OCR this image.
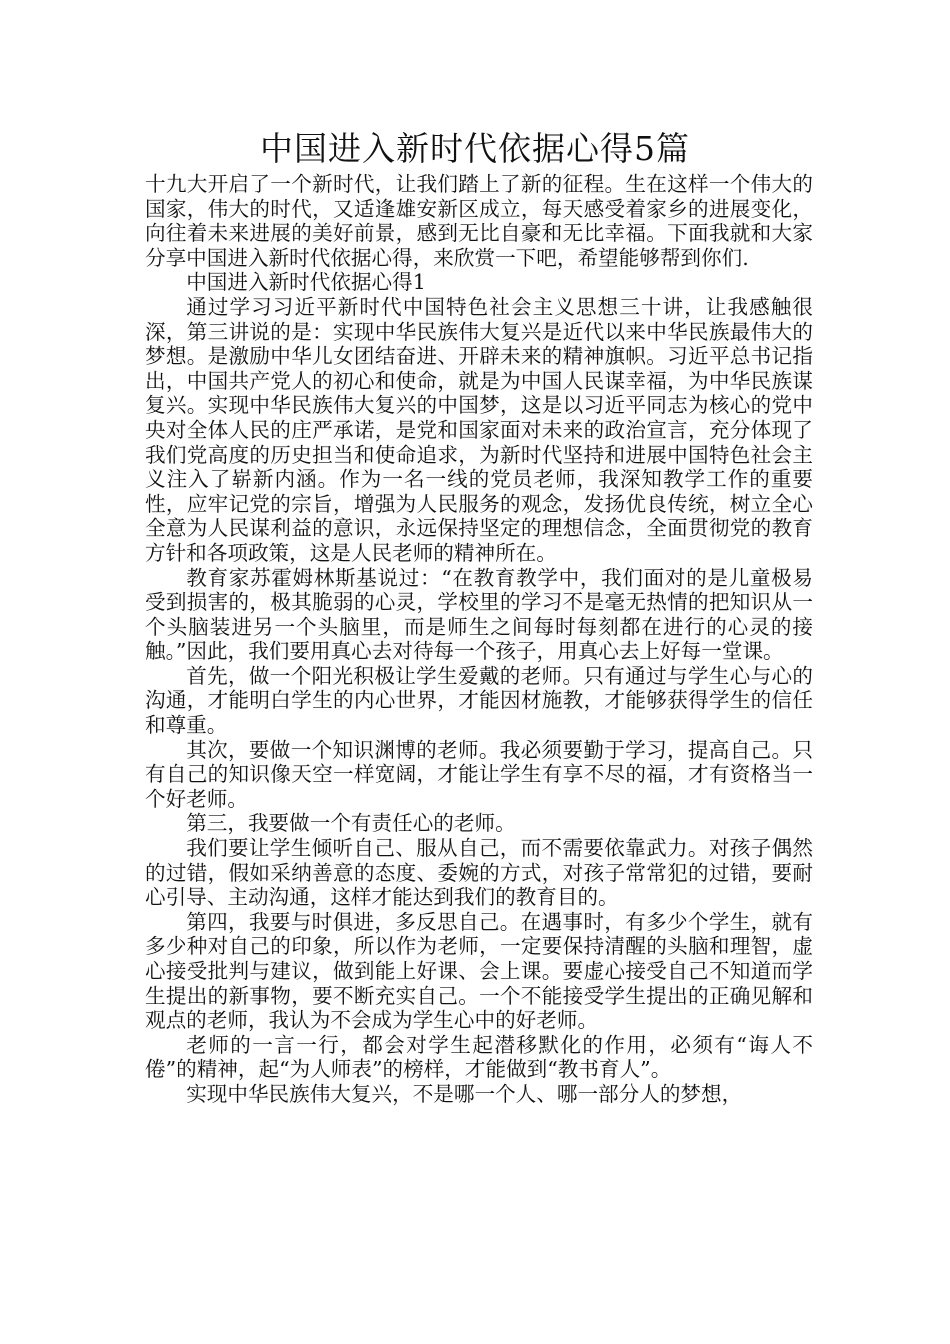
中国进入新时代依据心得5篇

十九大开启了一个新时代，让我们踏上了新的征程。生在这样一个伟大的国家，伟大的时代，又适逢雄安新区成立，每天感受着家乡的进展变化，向往着未来进展的美好前景，感到无比自豪和无比幸福。下面我就和大家分享中国进入新时代依据心得，来欣赏一下吧，希望能够帮到你们.

中国进入新时代依据心得1

通过学习习近平新时代中国特色社会主义思想三十讲，让我感触很深，第三讲说的是：实现中华民族伟大复兴是近代以来中华民族最伟大的梦想。是激励中华儿女团结奋进、开辟未来的精神旗帜。习近平总书记指出，中国共产党人的初心和使命，就是为中国人民谋幸福，为中华民族谋复兴。实现中华民族伟大复兴的中国梦，这是以习近平同志为核心的党中央对全体人民的庄严承诺，是党和国家面对未来的政治宣言，充分体现了我们党高度的历史担当和使命追求，为新时代坚持和进展中国特色社会主义注入了崭新内涵。作为一名一线的党员老师，我深知教学工作的重要性，应牢记党的宗旨，增强为人民服务的观念，发扬优良传统，树立全心全意为人民谋利益的意识，永远保持坚定的理想信念，全面贯彻党的教育方针和各项政策，这是人民老师的精神所在。

教育家苏霍姆林斯基说过：“在教育教学中，我们面对的是儿童极易受到损害的，极其脆弱的心灵，学校里的学习不是毫无热情的把知识从一个头脑装进另一个头脑里，而是师生之间每时每刻都在进行的心灵的接触。”因此，我们要用真心去对待每一个孩子，用真心去上好每一堂课。

首先，做一个阳光积极让学生爱戴的老师。只有通过与学生心与心的沟通，才能明白学生的内心世界，才能因材施教，才能够获得学生的信任和尊重。

其次，要做一个知识渊博的老师。我必须要勤于学习，提高自己。只有自己的知识像天空一样宽阔，才能让学生有享不尽的福，才有资格当一个好老师。

第三，我要做一个有责任心的老师。

我们要让学生倾听自己、服从自己，而不需要依靠武力。对孩子偶然的过错，假如采纳善意的态度、委婉的方式，对孩子常常犯的过错，要耐心引导、主动沟通，这样才能达到我们的教育目的。

第四，我要与时俱进，多反思自己。在遇事时，有多少个学生，就有多少种对自己的印象，所以作为老师，一定要保持清醒的头脑和理智，虚心接受批判与建议，做到能上好课、会上课。要虚心接受自己不知道而学生提出的新事物，要不断充实自己。一个不能接受学生提出的正确见解和观点的老师，我认为不会成为学生心中的好老师。

老师的一言一行，都会对学生起潜移默化的作用，必须有“诲人不倦”的精神，起“为人师表”的榜样，才能做到“教书育人”。

实现中华民族伟大复兴，不是哪一个人、哪一部分人的梦想，
